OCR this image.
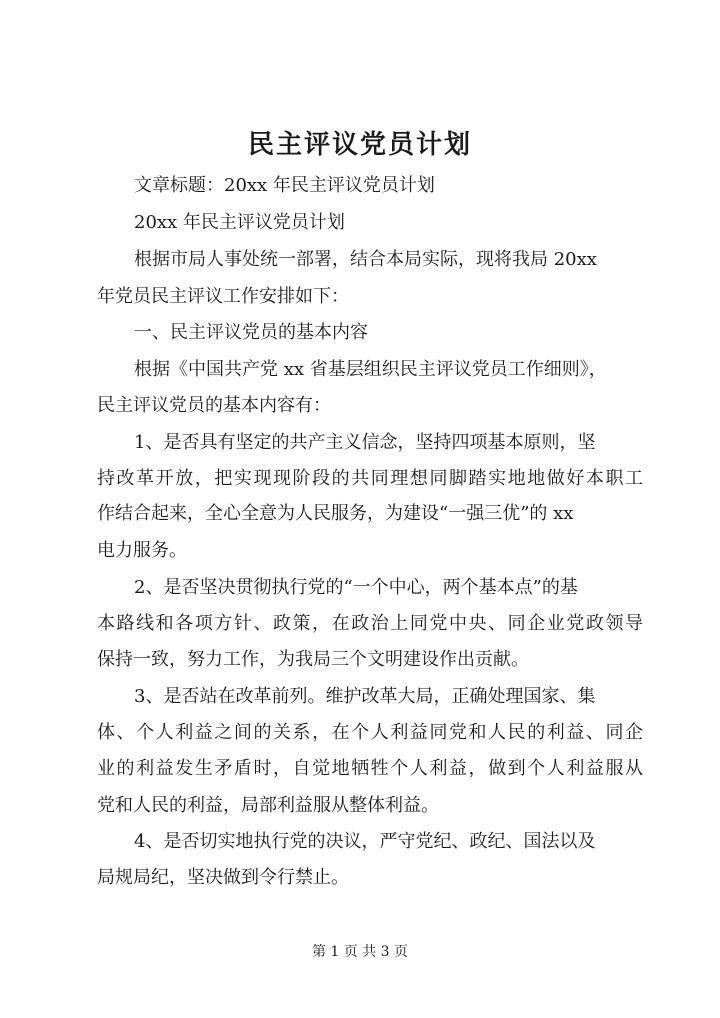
民主评议党员计划
文章标题：20xx 年民主评议党员计划
20xx 年民主评议党员计划
根据市局人事处统一部署，结合本局实际，现将我局 20xx
年党员民主评议工作安排如下：
一、民主评议党员的基本内容
根据《中国共产党 xx 省基层组织民主评议党员工作细则》，
民主评议党员的基本内容有：
1、是否具有坚定的共产主义信念，坚持四项基本原则，坚
持改革开放，把实现现阶段的共同理想同脚踏实地地做好本职工
作结合起来，全心全意为人民服务，为建设“一强三优”的 xx
电力服务。
2、是否坚决贯彻执行党的“一个中心，两个基本点”的基
本路线和各项方针、政策，在政治上同党中央、同企业党政领导
保持一致，努力工作，为我局三个文明建设作出贡献。
3、是否站在改革前列。维护改革大局，正确处理国家、集
体、个人利益之间的关系，在个人利益同党和人民的利益、同企
业的利益发生矛盾时，自觉地牺牲个人利益，做到个人利益服从
党和人民的利益，局部利益服从整体利益。
4、是否切实地执行党的决议，严守党纪、政纪、国法以及
局规局纪，坚决做到令行禁止。
第 1 页 共 3 页
